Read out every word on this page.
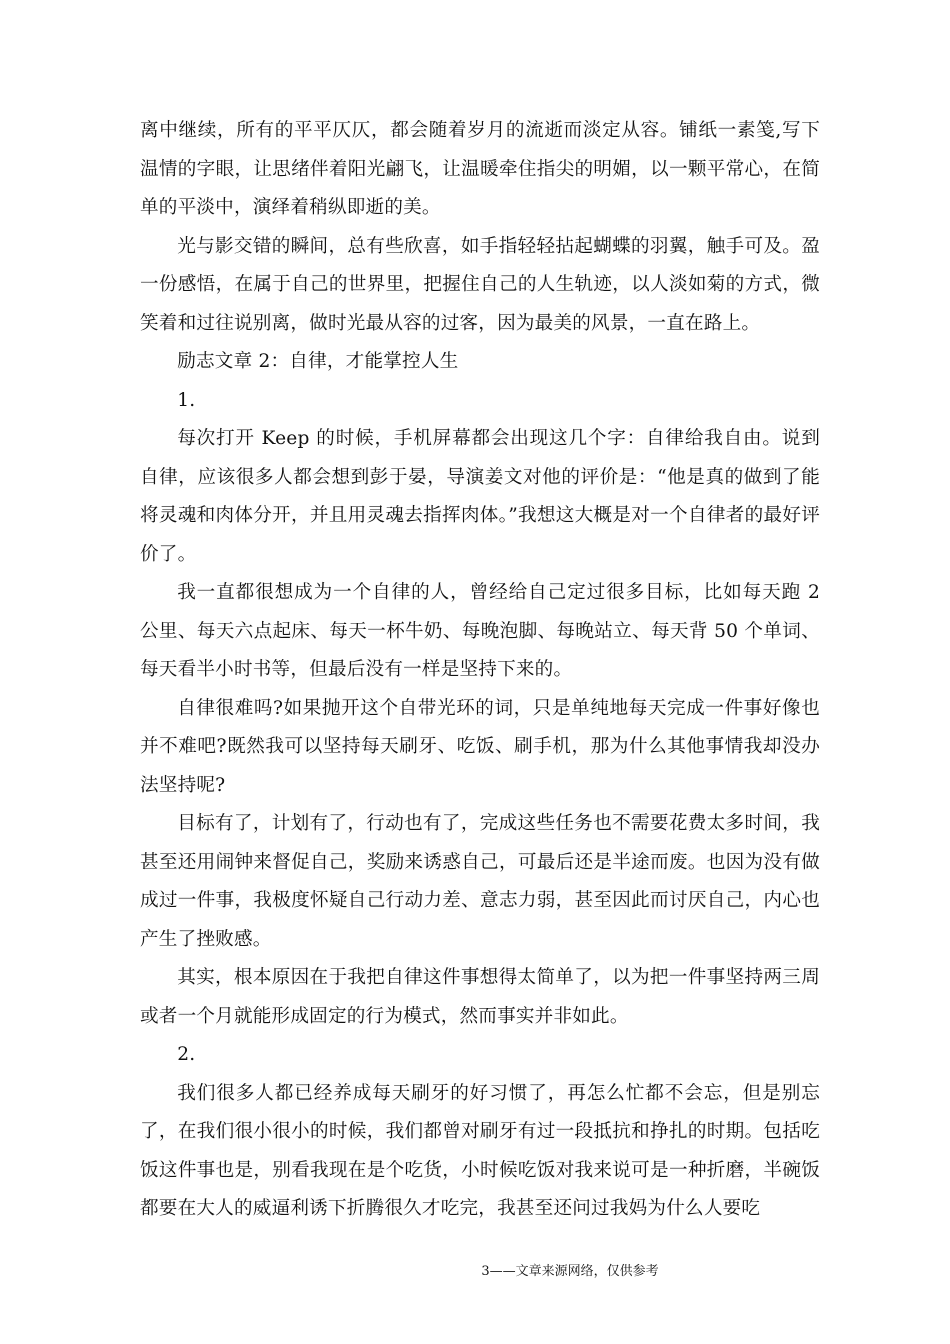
离中继续，所有的平平仄仄，都会随着岁月的流逝而淡定从容。铺纸一素笺,写下温情的字眼，让思绪伴着阳光翩飞，让温暖牵住指尖的明媚，以一颗平常心，在简单的平淡中，演绎着稍纵即逝的美。

光与影交错的瞬间，总有些欣喜，如手指轻轻拈起蝴蝶的羽翼，触手可及。盈一份感悟，在属于自己的世界里，把握住自己的人生轨迹，以人淡如菊的方式，微笑着和过往说别离，做时光最从容的过客，因为最美的风景，一直在路上。

励志文章 2：自律，才能掌控人生

1.

每次打开 Keep 的时候，手机屏幕都会出现这几个字：自律给我自由。说到自律，应该很多人都会想到彭于晏，导演姜文对他的评价是：“他是真的做到了能将灵魂和肉体分开，并且用灵魂去指挥肉体。”我想这大概是对一个自律者的最好评价了。

我一直都很想成为一个自律的人，曾经给自己定过很多目标，比如每天跑 2 公里、每天六点起床、每天一杯牛奶、每晚泡脚、每晚站立、每天背 50 个单词、每天看半小时书等，但最后没有一样是坚持下来的。

自律很难吗?如果抛开这个自带光环的词，只是单纯地每天完成一件事好像也并不难吧?既然我可以坚持每天刷牙、吃饭、刷手机，那为什么其他事情我却没办法坚持呢?

目标有了，计划有了，行动也有了，完成这些任务也不需要花费太多时间，我甚至还用闹钟来督促自己，奖励来诱惑自己，可最后还是半途而废。也因为没有做成过一件事，我极度怀疑自己行动力差、意志力弱，甚至因此而讨厌自己，内心也产生了挫败感。

其实，根本原因在于我把自律这件事想得太简单了，以为把一件事坚持两三周或者一个月就能形成固定的行为模式，然而事实并非如此。

2.

我们很多人都已经养成每天刷牙的好习惯了，再怎么忙都不会忘，但是别忘了，在我们很小很小的时候，我们都曾对刷牙有过一段抵抗和挣扎的时期。包括吃饭这件事也是，别看我现在是个吃货，小时候吃饭对我来说可是一种折磨，半碗饭都要在大人的威逼利诱下折腾很久才吃完，我甚至还问过我妈为什么人要吃

3——文章来源网络，仅供参考
